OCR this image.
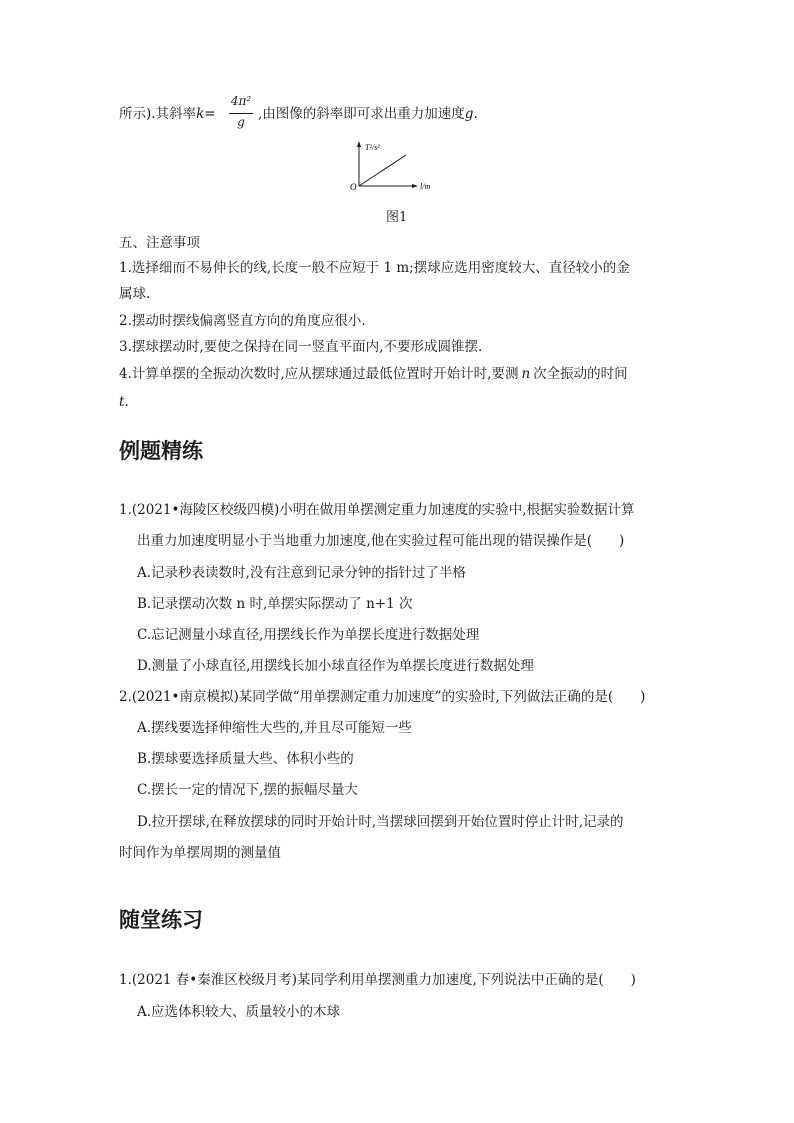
所示).其斜率k=
4π²
g ,由图像的斜率即可求出重力加速度g.
T²/s²
O	l/m
图1
五、注意事项
1.选择细而不易伸长的线,长度一般不应短于 1 m;摆球应选用密度较大、直径较小的金
属球.
2.摆动时摆线偏离竖直方向的角度应很小.
3.摆球摆动时,要使之保持在同一竖直平面内,不要形成圆锥摆.
4.计算单摆的全振动次数时,应从摆球通过最低位置时开始计时,要测 n 次全振动的时间
t.
例题精练
1.(2021•海陵区校级四模)小明在做用单摆测定重力加速度的实验中,根据实验数据计算
出重力加速度明显小于当地重力加速度,他在实验过程可能出现的错误操作是(　　)
A.记录秒表读数时,没有注意到记录分钟的指针过了半格
B.记录摆动次数 n 时,单摆实际摆动了 n+1 次
C.忘记测量小球直径,用摆线长作为单摆长度进行数据处理
D.测量了小球直径,用摆线长加小球直径作为单摆长度进行数据处理
2.(2021•南京模拟)某同学做“用单摆测定重力加速度”的实验时,下列做法正确的是(　　)
A.摆线要选择伸缩性大些的,并且尽可能短一些
B.摆球要选择质量大些、体积小些的
C.摆长一定的情况下,摆的振幅尽量大
D.拉开摆球,在释放摆球的同时开始计时,当摆球回摆到开始位置时停止计时,记录的
时间作为单摆周期的测量值
随堂练习
1.(2021 春•秦淮区校级月考)某同学利用单摆测重力加速度,下列说法中正确的是(　　)
A.应选体积较大、质量较小的木球
